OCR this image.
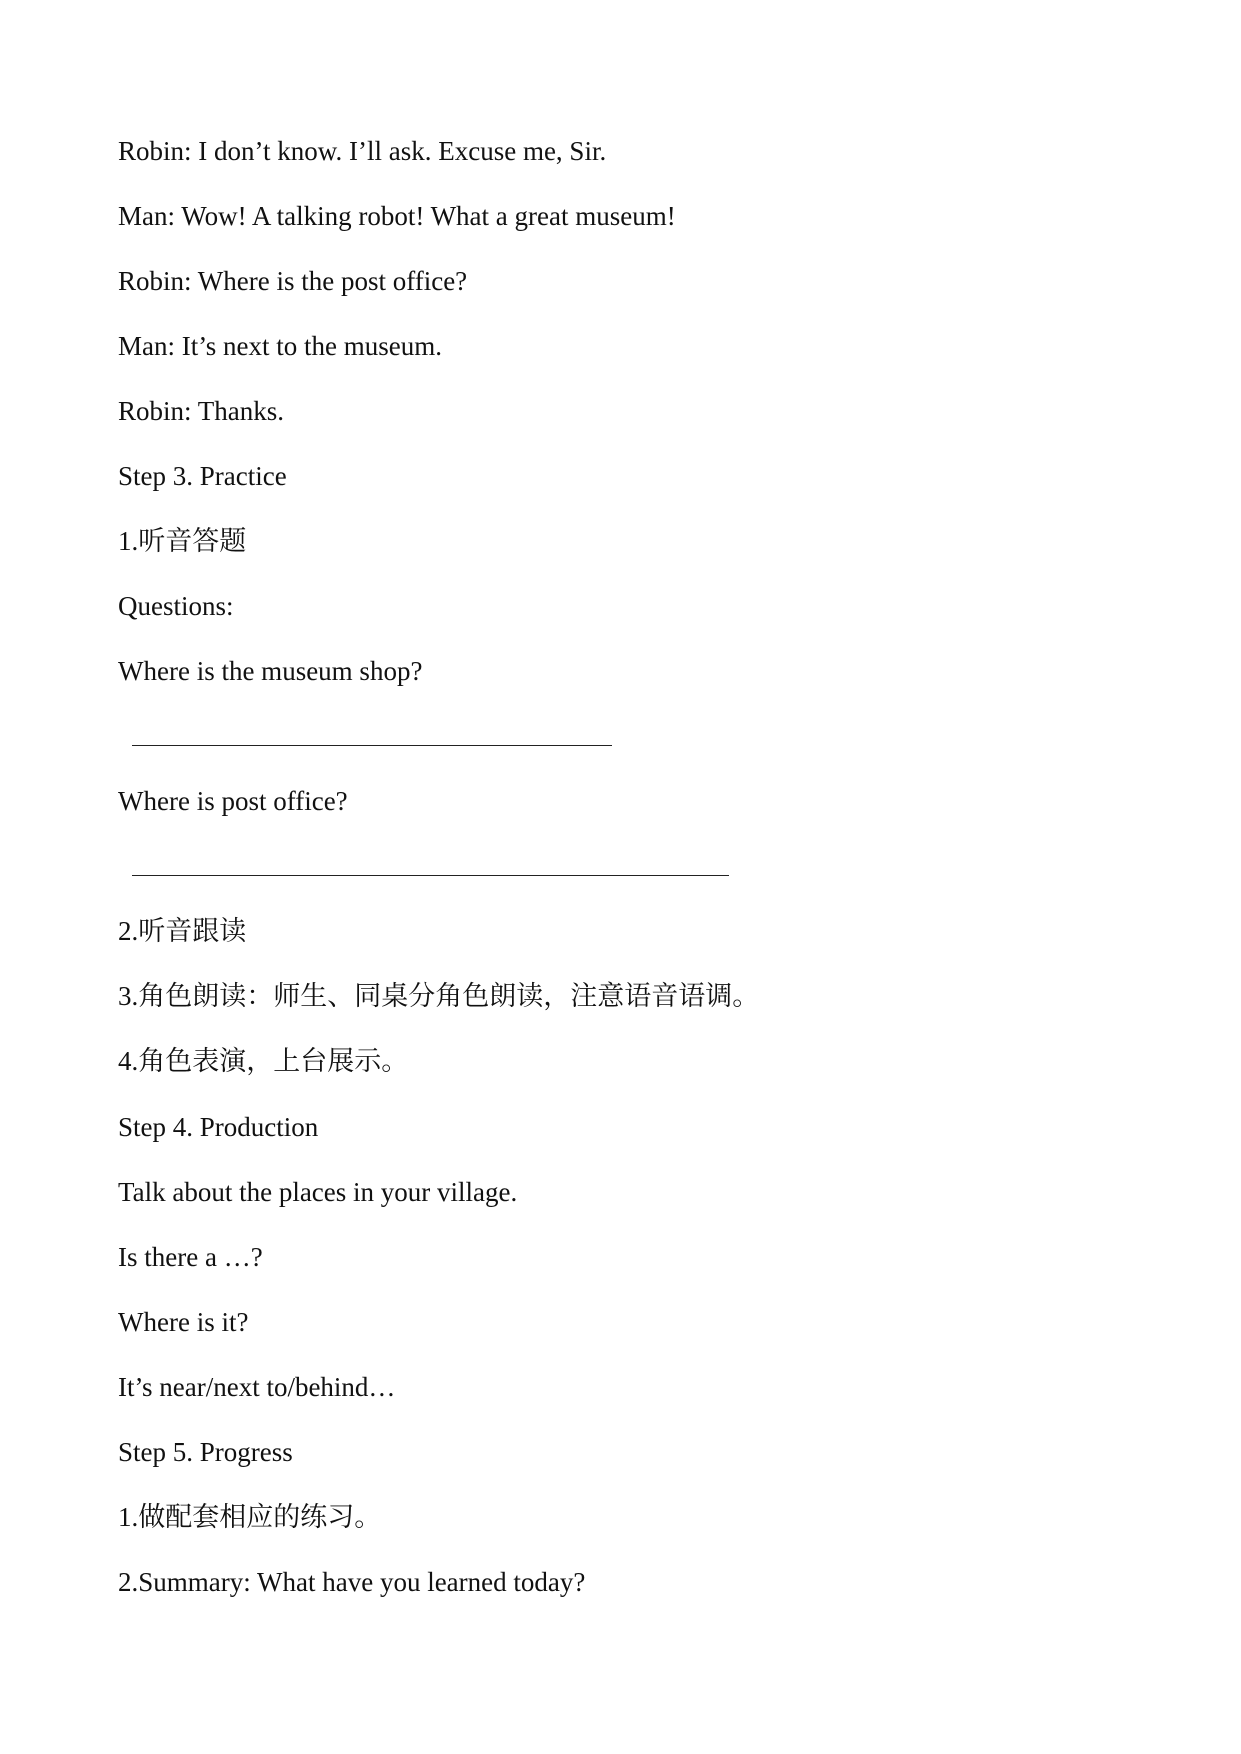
Robin: I don’t know. I’ll ask. Excuse me, Sir.
Man: Wow! A talking robot! What a great museum!
Robin: Where is the post office?
Man: It’s next to the museum.
Robin: Thanks.
Step 3. Practice
1.听音答题
Questions:
Where is the museum shop?
Where is post office?
2.听音跟读
3.角色朗读：师生、同桌分角色朗读，注意语音语调。
4.角色表演，上台展示。
Step 4. Production
Talk about the places in your village.
Is there a …?
Where is it?
It’s near/next to/behind…
Step 5. Progress
1.做配套相应的练习。
2.Summary: What have you learned today?
